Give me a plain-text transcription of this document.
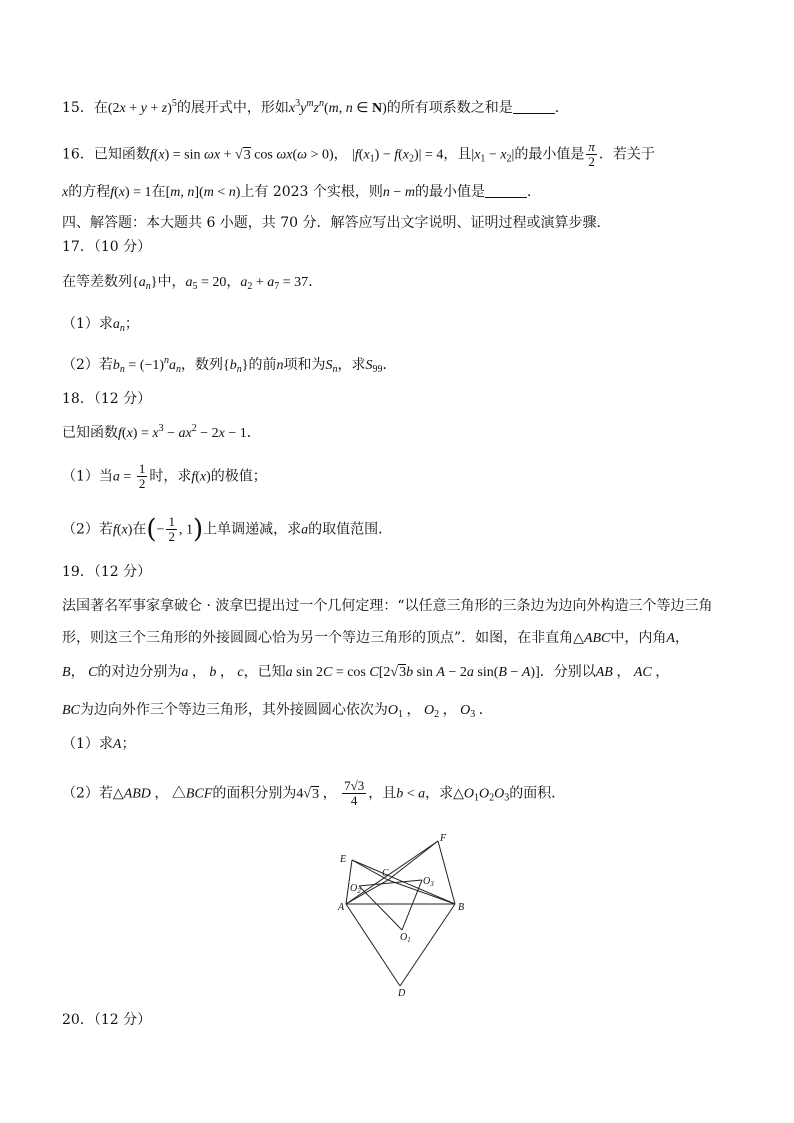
15．在$(2x + y + z)^5$的展开式中，形如$x^3y^mz^n(m$, n ∈ N)的所有项系数之和是	．
16．已知函数f(x) = sin ωx + √3 cos ωx(ω > 0)， $|f(x_1) - f(x_2)| = 4$，且$|x_1 - x_2|$的最小值是 $\frac{\pi}{2}$ ．若关于
x的方程f(x) = 1在[m, n](m < n)上有 2023 个实根，则n − m的最小值是	．
四、解答题：本大题共 6 小题，共 70 分．解答应写出文字说明、证明过程或演算步骤．
17．（10 分）
在等差数列$\{a_n\}$中，$a_5 = 20$，$a_2 + a_7 = 37$．
（1）求$a_n$；
（2）若$b_n = (-1)^na_n$，数列$\{b_n\}$的前n项和为$S_n$，求$S_{99}$．
18．（12 分）
已知函数$f(x) = x^3 - ax^2 - 2x - 1$．
（1）当$a = \frac{1}{2}$ 时，求f(x)的极值；
（2）若f(x)在(− $\frac{1}{2}$ , 1)上单调递减，求a的取值范围．
19．（12 分）
法国著名军事家拿破仑 · 波拿巴提出过一个几何定理：“以任意三角形的三条边为边向外构造三个等边三角
形，则这三个三角形的外接圆圆心恰为另一个等边三角形的顶点”．如图，在非直角△ABC中，内角A，
B， C的对边分别为a ， b ， c，已知a sin 2C = cos C[2√3b sin A − 2a sin(B − A)]．分别以AB ， AC ，
BC为边向外作三个等边三角形，其外接圆圆心依次为$O_1$ ， $O_2$ ， $O_3$ ．
（1）求A；
（2）若△ABD ， △BCF的面积分别为4√3 ， $\frac{7√3}{4}$ ，且b < a，求$\triangle O_1O_2O_3$的面积．
E
F
C
$O_2$
$O_3$
A	B
$O_1$
D
20．（12 分）
